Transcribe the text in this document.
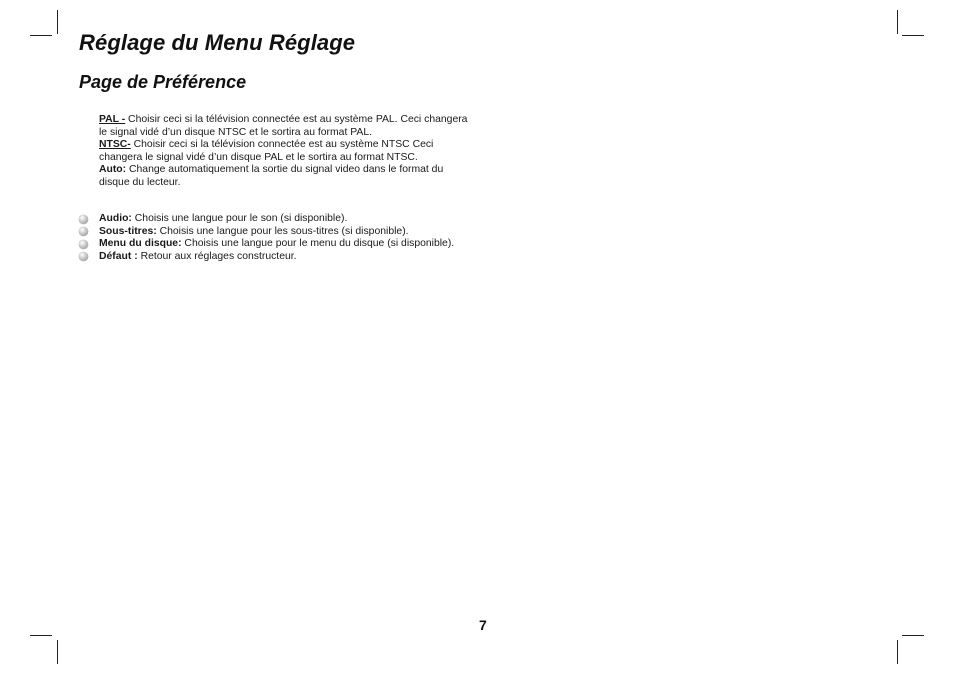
Réglage du Menu Réglage
Page de Préférence

PAL - Choisir ceci si la télévision connectée est au système PAL. Ceci changera le signal vidé d’un disque NTSC et le sortira au format PAL.

NTSC- Choisir ceci si la télévision connectée est au système NTSC Ceci changera le signal vidé d’un disque PAL et le sortira au format NTSC.

Auto: Change automatiquement la sortie du signal video dans le format du disque du lecteur.

Audio: Choisis une langue pour le son (si disponible).
Sous-titres: Choisis une langue pour les sous-titres (si disponible).
Menu du disque: Choisis une langue pour le menu du disque (si disponible).
Défaut : Retour aux réglages constructeur.
7
